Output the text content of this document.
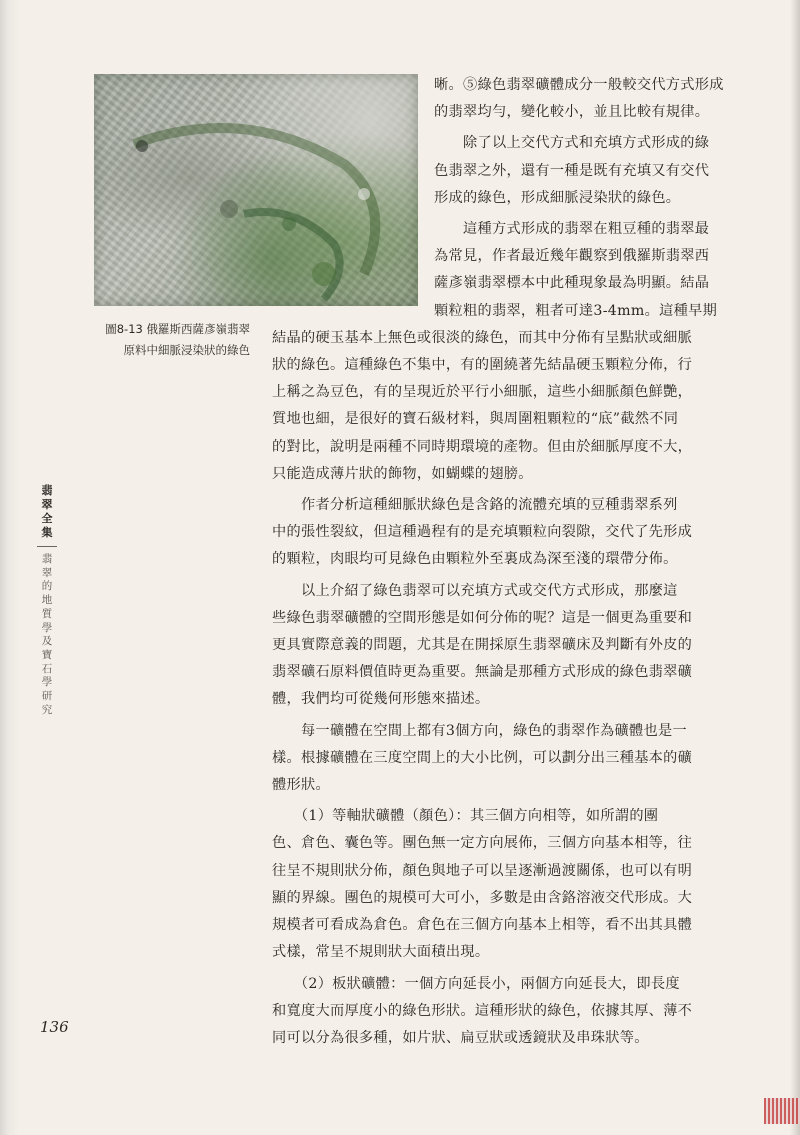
圖8-13 俄羅斯西薩彥嶺翡翠
原料中細脈浸染狀的綠色
翡
翠
全
集
翡
翠
的
地
質
學
及
寶
石
學
研
究
136

晰。⑤綠色翡翠礦體成分一般較交代方式形成
的翡翠均勻，變化較小，並且比較有規律。

　　除了以上交代方式和充填方式形成的綠
色翡翠之外，還有一種是既有充填又有交代
形成的綠色，形成細脈浸染狀的綠色。

　　這種方式形成的翡翠在粗豆種的翡翠最
為常見，作者最近幾年觀察到俄羅斯翡翠西
薩彥嶺翡翠標本中此種現象最為明顯。結晶
顆粒粗的翡翠，粗者可達3-4mm。這種早期
結晶的硬玉基本上無色或很淡的綠色，而其中分佈有呈點狀或細脈
狀的綠色。這種綠色不集中，有的圍繞著先結晶硬玉顆粒分佈，行
上稱之為豆色，有的呈現近於平行小細脈，這些小細脈顏色鮮艷，
質地也細，是很好的寶石級材料，與周圍粗顆粒的“底”截然不同
的對比，說明是兩種不同時期環境的產物。但由於細脈厚度不大，
只能造成薄片狀的飾物，如蝴蝶的翅膀。

　　作者分析這種細脈狀綠色是含鉻的流體充填的豆種翡翠系列
中的張性裂紋，但這種過程有的是充填顆粒向裂隙，交代了先形成
的顆粒，肉眼均可見綠色由顆粒外至裏成為深至淺的環帶分佈。

　　以上介紹了綠色翡翠可以充填方式或交代方式形成，那麼這
些綠色翡翠礦體的空間形態是如何分佈的呢？這是一個更為重要和
更具實際意義的問題，尤其是在開採原生翡翠礦床及判斷有外皮的
翡翠礦石原料價值時更為重要。無論是那種方式形成的綠色翡翠礦
體，我們均可從幾何形態來描述。

　　每一礦體在空間上都有3個方向，綠色的翡翠作為礦體也是一
樣。根據礦體在三度空間上的大小比例，可以劃分出三種基本的礦
體形狀。

　　（1）等軸狀礦體（顏色）：其三個方向相等，如所謂的團
色、倉色、囊色等。團色無一定方向展佈，三個方向基本相等，往
往呈不規則狀分佈，顏色與地子可以呈逐漸過渡關係，也可以有明
顯的界線。團色的規模可大可小，多數是由含鉻溶液交代形成。大
規模者可看成為倉色。倉色在三個方向基本上相等，看不出其具體
式樣，常呈不規則狀大面積出現。

　　（2）板狀礦體：一個方向延長小，兩個方向延長大，即長度
和寬度大而厚度小的綠色形狀。這種形狀的綠色，依據其厚、薄不
同可以分為很多種，如片狀、扁豆狀或透鏡狀及串珠狀等。
